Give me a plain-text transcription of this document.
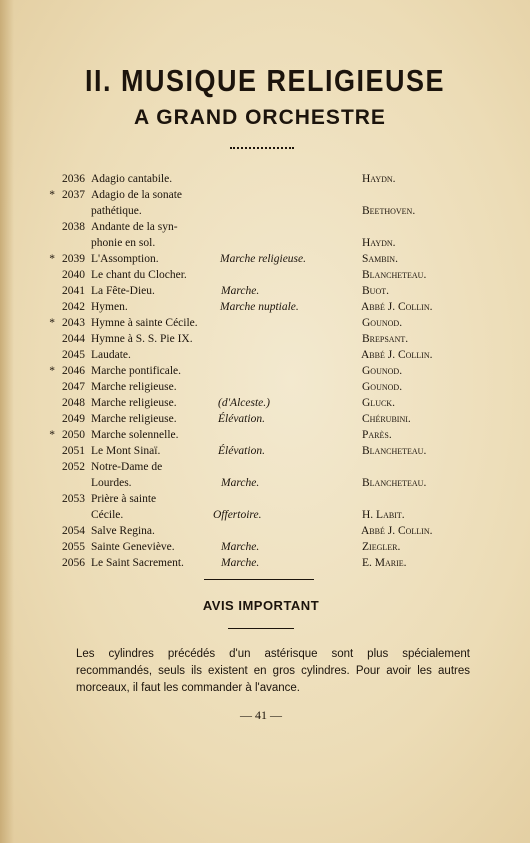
II. MUSIQUE RELIGIEUSE
A GRAND ORCHESTRE
2036 Adagio cantabile.	Haydn.
* 2037 Adagio de la sonate
pathétique.	Beethoven.
2038 Andante de la syn-
phonie en sol.	Haydn.
* 2039 L'Assomption.	Marche religieuse.	Sambin.
2040 Le chant du Clocher.	Blancheteau.
2041 La Fête-Dieu.	Marche.	Buot.
2042 Hymen.	Marche nuptiale.	Abbé J. Collin.
* 2043 Hymne à sainte Cécile.	Gounod.
2044 Hymne à S. S. Pie IX.	Brepsant.
2045 Laudate.	Abbé J. Collin.
* 2046 Marche pontificale.	Gounod.
2047 Marche religieuse.	Gounod.
2048 Marche religieuse.	(d'Alceste.)	Gluck.
2049 Marche religieuse.	Élévation.	Chérubini.
* 2050 Marche solennelle.	Parès.
2051 Le Mont Sinaï.	Élévation.	Blancheteau.
2052 Notre-Dame de
Lourdes.	Marche.	Blancheteau.
2053 Prière à sainte
Cécile.	Offertoire.	H. Labit.
2054 Salve Regina.	Abbé J. Collin.
2055 Sainte Geneviève.	Marche.	Ziegler.
2056 Le Saint Sacrement.	Marche.	E. Marie.
AVIS IMPORTANT
Les cylindres précédés d'un astérisque sont plus spécialement recommandés, seuls ils existent en gros cylindres. Pour avoir les autres morceaux, il faut les commander à l'avance.
— 41 —
